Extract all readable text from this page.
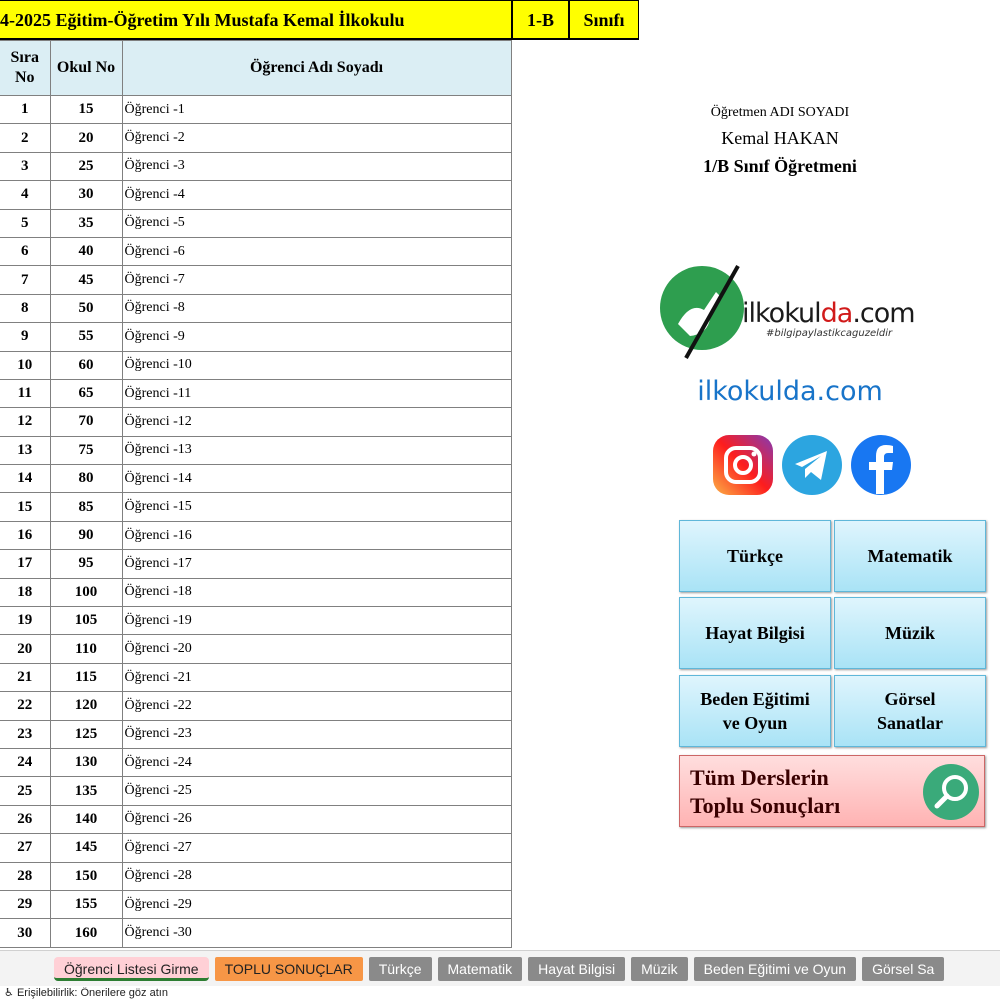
4-2025 Eğitim-Öğretim Yılı Mustafa Kemal İlkokulu	1-B	Sınıfı
Sıra No	Okul No	Öğrenci Adı Soyadı
1	15	Öğrenci -1
2	20	Öğrenci -2
3	25	Öğrenci -3
4	30	Öğrenci -4
5	35	Öğrenci -5
6	40	Öğrenci -6
7	45	Öğrenci -7
8	50	Öğrenci -8
9	55	Öğrenci -9
10	60	Öğrenci -10
11	65	Öğrenci -11
12	70	Öğrenci -12
13	75	Öğrenci -13
14	80	Öğrenci -14
15	85	Öğrenci -15
16	90	Öğrenci -16
17	95	Öğrenci -17
18	100	Öğrenci -18
19	105	Öğrenci -19
20	110	Öğrenci -20
21	115	Öğrenci -21
22	120	Öğrenci -22
23	125	Öğrenci -23
24	130	Öğrenci -24
25	135	Öğrenci -25
26	140	Öğrenci -26
27	145	Öğrenci -27
28	150	Öğrenci -28
29	155	Öğrenci -29
30	160	Öğrenci -30
Öğretmen ADI SOYADI
Kemal HAKAN
1/B Sınıf Öğretmeni
ilkokulda.com
#bilgipaylastikcaguzeldir
ilkokulda.com
Türkçe	Matematik
Hayat Bilgisi	Müzik
Beden Eğitimi
ve Oyun
Görsel
Sanatlar
Tüm Derslerin
Toplu Sonuçları
Öğrenci Listesi Girme	TOPLU SONUÇLAR	Türkçe	Matematik	Hayat Bilgisi	Müzik	Beden Eğitimi ve Oyun	Görsel Sa
♿ Erişilebilirlik: Önerilere göz atın
